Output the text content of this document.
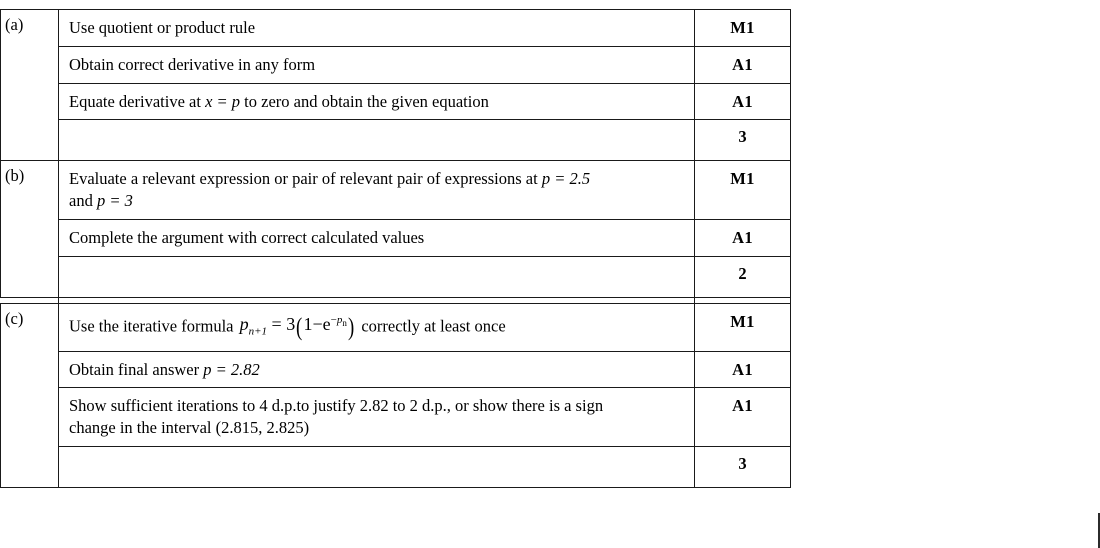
(a)	Use quotient or product rule	M1
	Obtain correct derivative in any form	A1
	Equate derivative at x = p to zero and obtain the given equation	A1
		3
(b)	Evaluate a relevant expression or pair of relevant pair of expressions at p = 2.5
and p = 3	M1
	Complete the argument with correct calculated values	A1
		2

(c)	Use the iterative formula $p_{n+1} = 3(1-e^{-p_n})$ correctly at least once	M1
	Obtain final answer p = 2.82	A1
	Show sufficient iterations to 4 d.p.to justify 2.82 to 2 d.p., or show there is a sign
change in the interval (2.815, 2.825)	A1
		3
